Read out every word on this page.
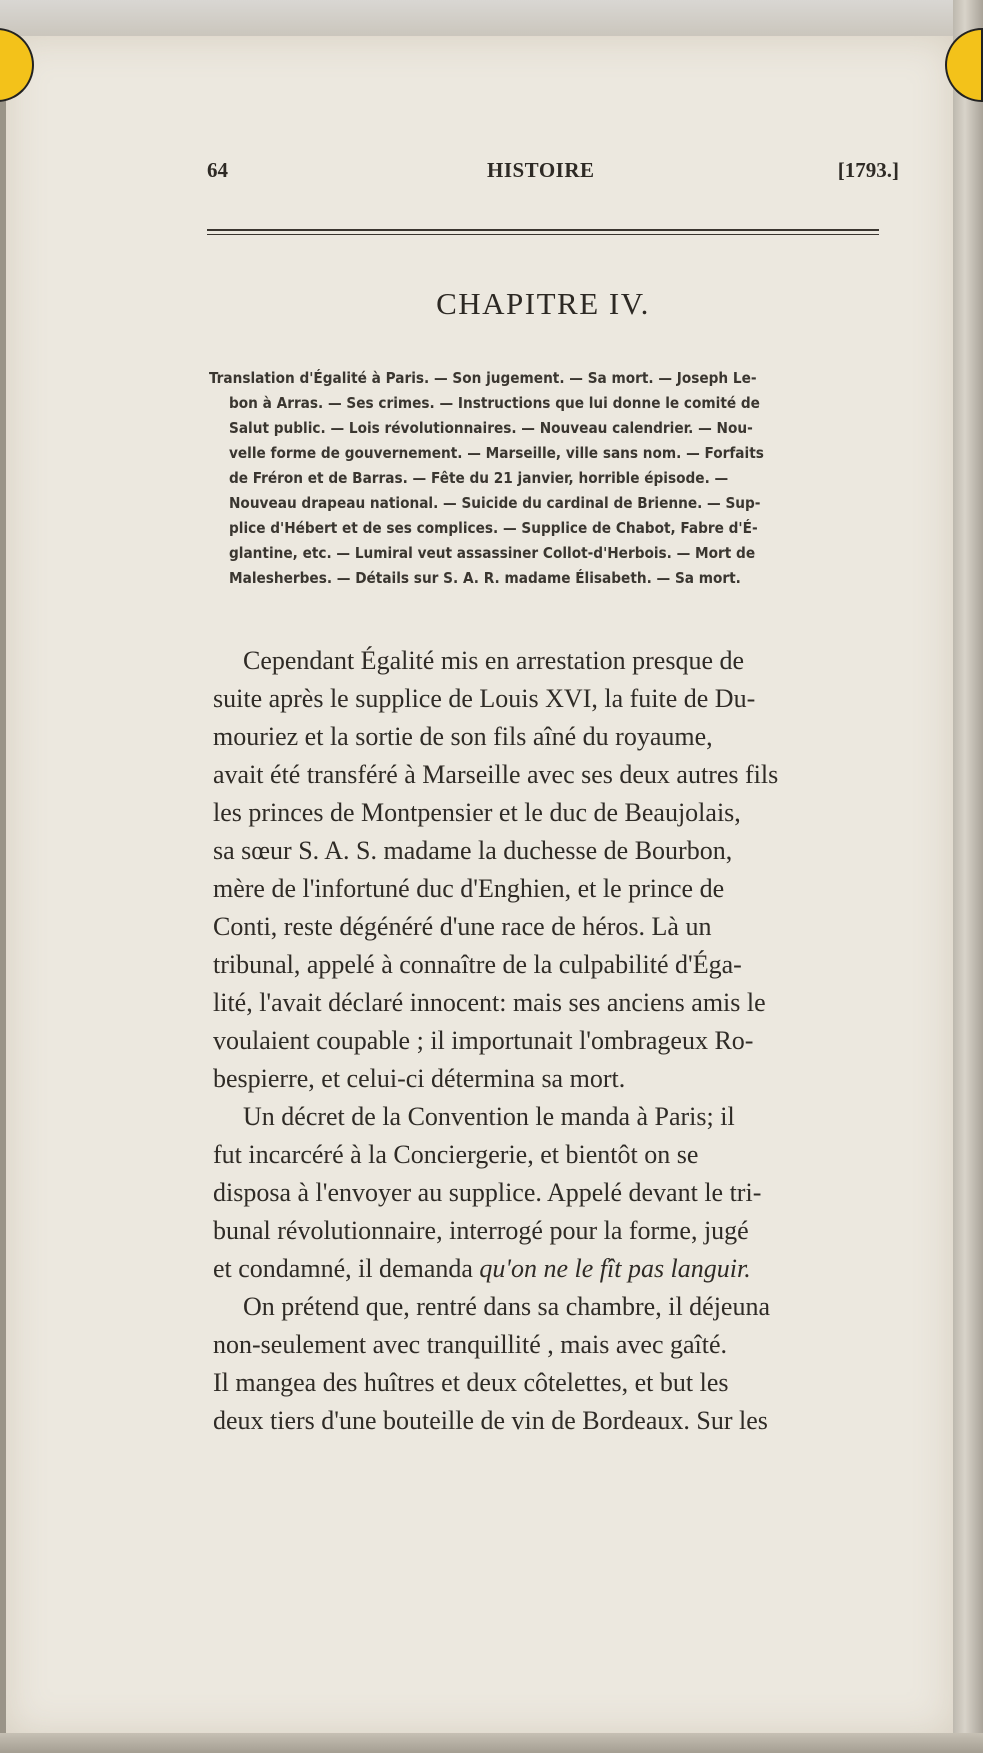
64	HISTOIRE	[1793.]
CHAPITRE IV.
Translation d'Égalité à Paris. — Son jugement. — Sa mort. — Joseph Le-
bon à Arras. — Ses crimes. — Instructions que lui donne le comité de
Salut public. — Lois révolutionnaires. — Nouveau calendrier. — Nou-
velle forme de gouvernement. — Marseille, ville sans nom. — Forfaits
de Fréron et de Barras. — Fête du 21 janvier, horrible épisode. —
Nouveau drapeau national. — Suicide du cardinal de Brienne. — Sup-
plice d'Hébert et de ses complices. — Supplice de Chabot, Fabre d'É-
glantine, etc. — Lumiral veut assassiner Collot-d'Herbois. — Mort de
Malesherbes. — Détails sur S. A. R. madame Élisabeth. — Sa mort.
Cependant Égalité mis en arrestation presque de
suite après le supplice de Louis XVI, la fuite de Du-
mouriez et la sortie de son fils aîné du royaume,
avait été transféré à Marseille avec ses deux autres fils
les princes de Montpensier et le duc de Beaujolais,
sa sœur S. A. S. madame la duchesse de Bourbon,
mère de l'infortuné duc d'Enghien, et le prince de
Conti, reste dégénéré d'une race de héros. Là un
tribunal, appelé à connaître de la culpabilité d'Éga-
lité, l'avait déclaré innocent: mais ses anciens amis le
voulaient coupable ; il importunait l'ombrageux Ro-
bespierre, et celui-ci détermina sa mort.
Un décret de la Convention le manda à Paris; il
fut incarcéré à la Conciergerie, et bientôt on se
disposa à l'envoyer au supplice. Appelé devant le tri-
bunal révolutionnaire, interrogé pour la forme, jugé
et condamné, il demanda qu'on ne le fît pas languir.
On prétend que, rentré dans sa chambre, il déjeuna
non-seulement avec tranquillité , mais avec gaîté.
Il mangea des huîtres et deux côtelettes, et but les
deux tiers d'une bouteille de vin de Bordeaux. Sur les
